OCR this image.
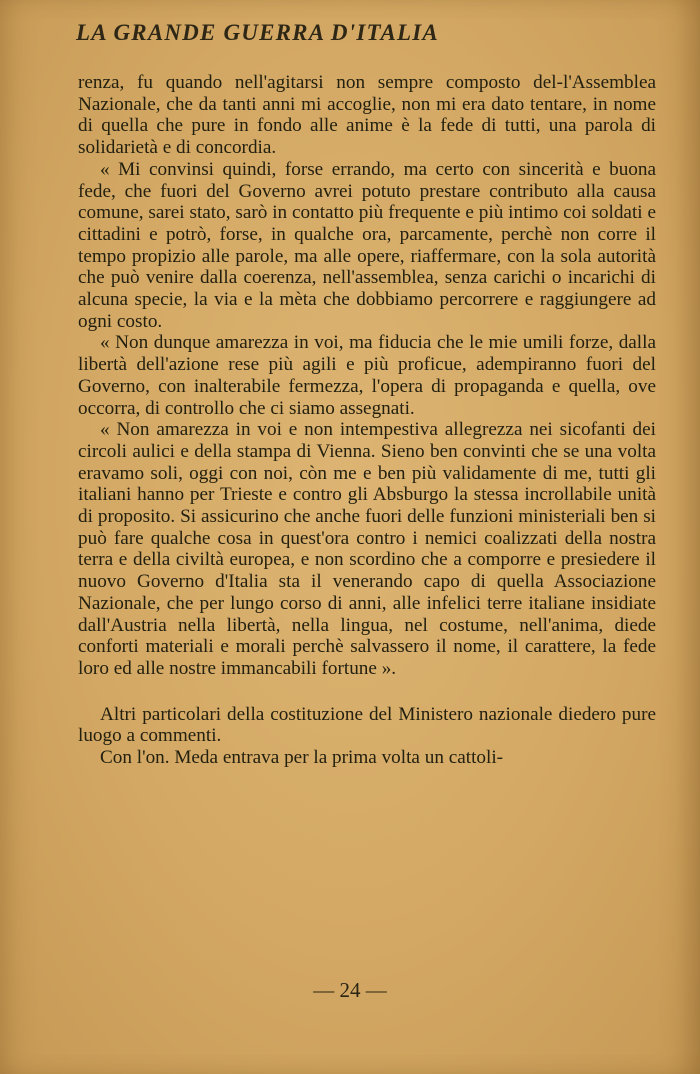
LA GRANDE GUERRA D'ITALIA

renza, fu quando nell'agitarsi non sempre composto del-l'Assemblea Nazionale, che da tanti anni mi accoglie, non mi era dato tentare, in nome di quella che pure in fondo alle anime è la fede di tutti, una parola di solidarietà e di concordia.

« Mi convinsi quindi, forse errando, ma certo con sincerità e buona fede, che fuori del Governo avrei potuto prestare contributo alla causa comune, sarei stato, sarò in contatto più frequente e più intimo coi soldati e cittadini e potrò, forse, in qualche ora, parcamente, perchè non corre il tempo propizio alle parole, ma alle opere, riaffermare, con la sola autorità che può venire dalla coerenza, nell'assemblea, senza carichi o incarichi di alcuna specie, la via e la mèta che dobbiamo percorrere e raggiungere ad ogni costo.

« Non dunque amarezza in voi, ma fiducia che le mie umili forze, dalla libertà dell'azione rese più agili e più proficue, adempiranno fuori del Governo, con inalterabile fermezza, l'opera di propaganda e quella, ove occorra, di controllo che ci siamo assegnati.

« Non amarezza in voi e non intempestiva allegrezza nei sicofanti dei circoli aulici e della stampa di Vienna. Sieno ben convinti che se una volta eravamo soli, oggi con noi, còn me e ben più validamente di me, tutti gli italiani hanno per Trieste e contro gli Absburgo la stessa incrollabile unità di proposito. Si assicurino che anche fuori delle funzioni ministeriali ben si può fare qualche cosa in quest'ora contro i nemici coalizzati della nostra terra e della civiltà europea, e non scordino che a comporre e presiedere il nuovo Governo d'Italia sta il venerando capo di quella Associazione Nazionale, che per lungo corso di anni, alle infelici terre italiane insidiate dall'Austria nella libertà, nella lingua, nel costume, nell'anima, diede conforti materiali e morali perchè salvassero il nome, il carattere, la fede loro ed alle nostre immancabili fortune ».

Altri particolari della costituzione del Ministero nazionale diedero pure luogo a commenti.

Con l'on. Meda entrava per la prima volta un cattoli-

— 24 —
